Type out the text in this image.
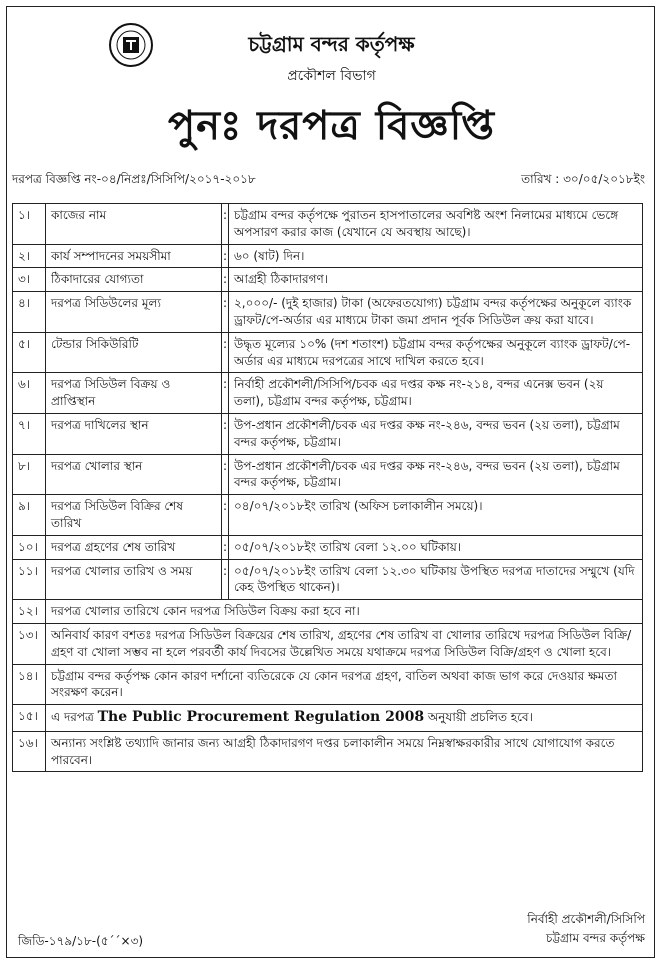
চট্টগ্রাম বন্দর কর্তৃপক্ষ
প্রকৌশল বিভাগ
পুনঃ দরপত্র বিজ্ঞপ্তি
দরপত্র বিজ্ঞপ্তি নং-০৪/নিপ্রঃ/সিসিপি/২০১৭-২০১৮	তারিখ : ৩০/০৫/২০১৮ইং
১।	কাজের নাম	:	চট্টগ্রাম বন্দর কর্তৃপক্ষে পুরাতন হাসপাতালের অবশিষ্ট অংশ নিলামের মাধ্যমে ভেঙ্গে অপসারণ করার কাজ (যেখানে যে অবস্থায় আছে)।
২।	কার্য সম্পাদনের সময়সীমা	:	৬০ (ষাট) দিন।
৩।	ঠিকাদারের যোগ্যতা	:	আগ্রহী ঠিকাদারগণ।
৪।	দরপত্র সিডিউলের মূল্য	:	২,০০০/- (দুই হাজার) টাকা (অফেরতযোগ্য) চট্টগ্রাম বন্দর কর্তৃপক্ষের অনুকূলে ব্যাংক ড্রাফট/পে-অর্ডার এর মাধ্যমে টাকা জমা প্রদান পূর্বক সিডিউল ক্রয় করা যাবে।
৫।	টেন্ডার সিকিউরিটি	:	উদ্ধৃত মূল্যের ১০% (দশ শতাংশ) চট্টগ্রাম বন্দর কর্তৃপক্ষের অনুকূলে ব্যাংক ড্রাফট/পে-অর্ডার এর মাধ্যমে দরপত্রের সাথে দাখিল করতে হবে।
৬।	দরপত্র সিডিউল বিক্রয় ও প্রাপ্তিস্থান	:	নির্বাহী প্রকৌশলী/সিসিপি/চবক এর দপ্তর কক্ষ নং-২১৪, বন্দর এনেক্স ভবন (২য় তলা), চট্টগ্রাম বন্দর কর্তৃপক্ষ, চট্টগ্রাম।
৭।	দরপত্র দাখিলের স্থান	:	উপ-প্রধান প্রকৌশলী/চবক এর দপ্তর কক্ষ নং-২৪৬, বন্দর ভবন (২য় তলা), চট্টগ্রাম বন্দর কর্তৃপক্ষ, চট্টগ্রাম।
৮।	দরপত্র খোলার স্থান	:	উপ-প্রধান প্রকৌশলী/চবক এর দপ্তর কক্ষ নং-২৪৬, বন্দর ভবন (২য় তলা), চট্টগ্রাম বন্দর কর্তৃপক্ষ, চট্টগ্রাম।
৯।	দরপত্র সিডিউল বিক্রির শেষ তারিখ	:	০৪/০৭/২০১৮ইং তারিখ (অফিস চলাকালীন সময়ে)।
১০।	দরপত্র গ্রহণের শেষ তারিখ	:	০৫/০৭/২০১৮ইং তারিখ বেলা ১২.০০ ঘটিকায়।
১১।	দরপত্র খোলার তারিখ ও সময়	:	০৫/০৭/২০১৮ইং তারিখ বেলা ১২.৩০ ঘটিকায় উপস্থিত দরপত্র দাতাদের সম্মুখে (যদি কেহ উপস্থিত থাকেন)।
১২।	দরপত্র খোলার তারিখে কোন দরপত্র সিডিউল বিক্রয় করা হবে না।		
১৩।	অনিবার্য কারণ বশতঃ দরপত্র সিডিউল বিক্রয়ের শেষ তারিখ, গ্রহণের শেষ তারিখ বা খোলার তারিখে দরপত্র সিডিউল বিক্রি/ গ্রহণ বা খোলা সম্ভব না হলে পরবর্তী কার্য দিবসের উল্লেখিত সময়ে যথাক্রমে দরপত্র সিডিউল বিক্রি/গ্রহণ ও খোলা হবে।		
১৪।	চট্টগ্রাম বন্দর কর্তৃপক্ষ কোন কারণ দর্শানো ব্যতিরেকে যে কোন দরপত্র গ্রহণ, বাতিল অথবা কাজ ভাগ করে দেওয়ার ক্ষমতা সংরক্ষণ করেন।		
১৫।	এ দরপত্র The Public Procurement Regulation 2008 অনুযায়ী প্রচলিত হবে।		
১৬।	অন্যান্য সংশ্লিষ্ট তথ্যাদি জানার জন্য আগ্রহী ঠিকাদারগণ দপ্তর চলাকালীন সময়ে নিম্নস্বাক্ষরকারীর সাথে যোগাযোগ করতে পারবেন।		
নির্বাহী প্রকৌশলী/সিসিপি
চট্টগ্রাম বন্দর কর্তৃপক্ষ
জিডি-১৭৯/১৮-(৫´´×৩)
